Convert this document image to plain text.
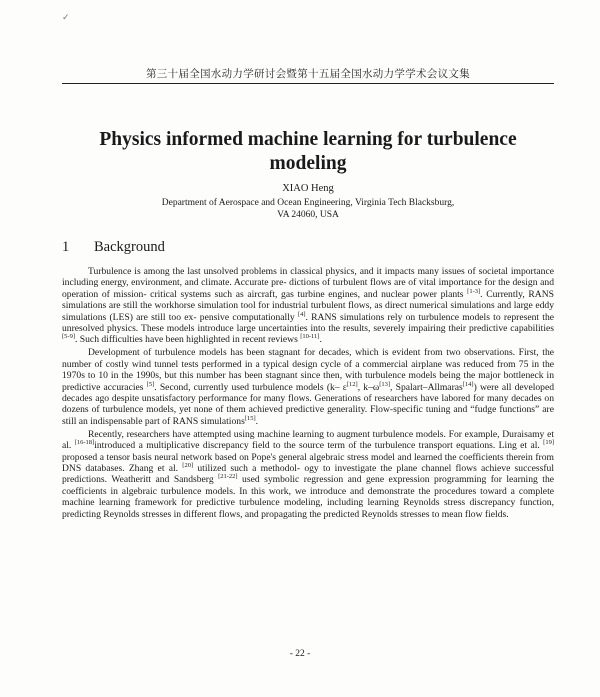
✓
第三十届全国水动力学研讨会暨第十五届全国水动力学学术会议文集
Physics informed machine learning for turbulence
modeling
XIAO Heng
Department of Aerospace and Ocean Engineering, Virginia Tech Blacksburg,
VA 24060, USA
1 Background

Turbulence is among the last unsolved problems in classical physics, and it impacts many issues of societal importance including energy, environment, and climate. Accurate pre- dictions of turbulent flows are of vital importance for the design and operation of mission- critical systems such as aircraft, gas turbine engines, and nuclear power plants [1-3]. Currently, RANS simulations are still the workhorse simulation tool for industrial turbulent flows, as direct numerical simulations and large eddy simulations (LES) are still too ex- pensive computationally [4]. RANS simulations rely on turbulence models to represent the unresolved physics. These models introduce large uncertainties into the results, severely impairing their predictive capabilities [5-9]. Such difficulties have been highlighted in recent reviews [10-11].

Development of turbulence models has been stagnant for decades, which is evident from two observations. First, the number of costly wind tunnel tests performed in a typical design cycle of a commercial airplane was reduced from 75 in the 1970s to 10 in the 1990s, but this number has been stagnant since then, with turbulence models being the major bottleneck in predictive accuracies [5]. Second, currently used turbulence models (k– ε[12], k–ω[13], Spalart–Allmaras[14]) were all developed decades ago despite unsatisfactory performance for many flows. Generations of researchers have labored for many decades on dozens of turbulence models, yet none of them achieved predictive generality. Flow-specific tuning and “fudge functions” are still an indispensable part of RANS simulations[15].

Recently, researchers have attempted using machine learning to augment turbulence models. For example, Duraisamy et al. [16-18]introduced a multiplicative discrepancy field to the source term of the turbulence transport equations. Ling et al. [19] proposed a tensor basis neural network based on Pope's general algebraic stress model and learned the coefficients therein from DNS databases. Zhang et al. [20] utilized such a methodol- ogy to investigate the plane channel flows achieve successful predictions. Weatheritt and Sandsberg [21-22] used symbolic regression and gene expression programming for learning the coefficients in algebraic turbulence models. In this work, we introduce and demonstrate the procedures toward a complete machine learning framework for predictive turbulence modeling, including learning Reynolds stress discrepancy function, predicting Reynolds stresses in different flows, and propagating the predicted Reynolds stresses to mean flow fields.

- 22 -
